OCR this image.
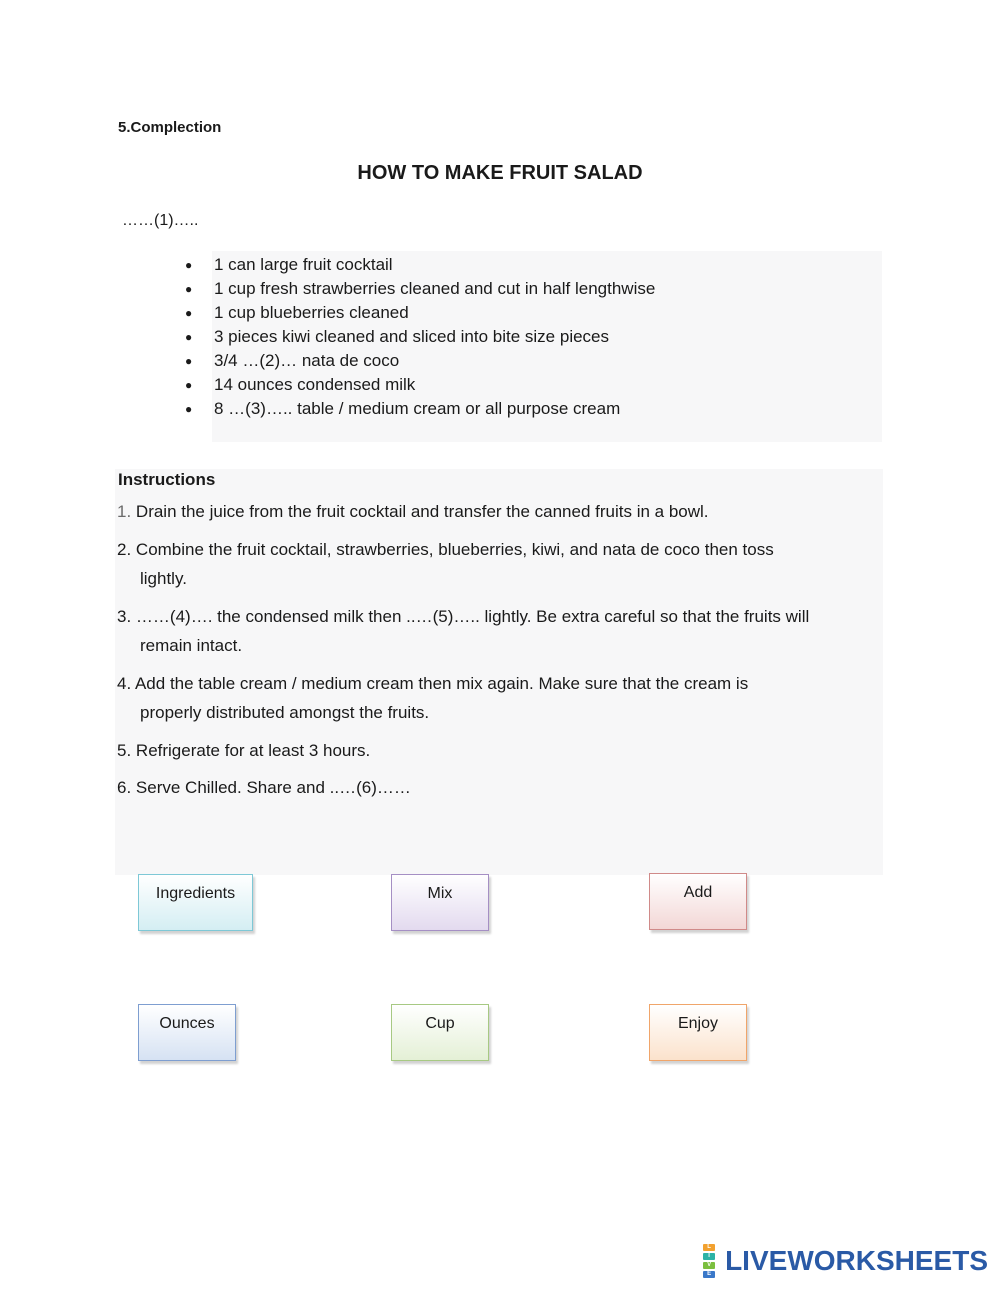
5.Complection
HOW TO MAKE FRUIT SALAD
……(1)…..
● 1 can large fruit cocktail
● 1 cup fresh strawberries cleaned and cut in half lengthwise
● 1 cup blueberries cleaned
● 3 pieces kiwi cleaned and sliced into bite size pieces
● 3/4 …(2)… nata de coco
● 14 ounces condensed milk
● 8 …(3)….. table / medium cream or all purpose cream
Instructions
1. Drain the juice from the fruit cocktail and transfer the canned fruits in a bowl.
2. Combine the fruit cocktail, strawberries, blueberries, kiwi, and nata de coco then toss
lightly.
3. ……(4)…. the condensed milk then ..…(5)….. lightly. Be extra careful so that the fruits will
remain intact.
4. Add the table cream / medium cream then mix again. Make sure that the cream is
properly distributed amongst the fruits.
5. Refrigerate for at least 3 hours.
6. Serve Chilled. Share and ..…(6)……
Ingredients	Mix	Add
Ounces	Cup	Enjoy
L
I
V
E LIVEWORKSHEETS
